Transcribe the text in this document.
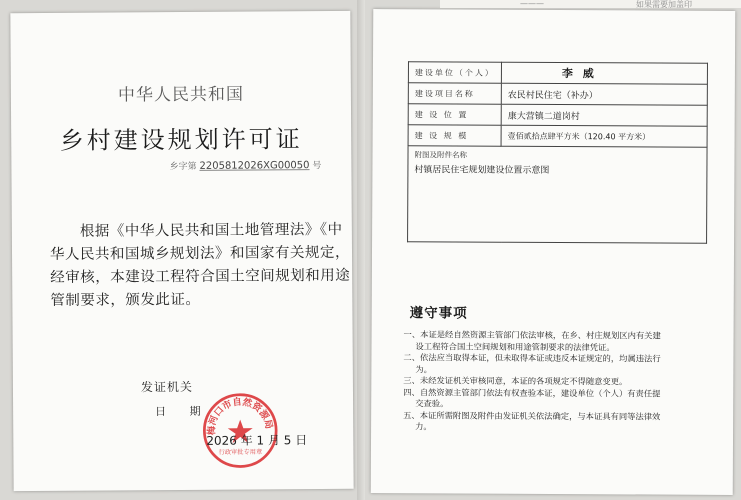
中华人民共和国
乡村建设规划许可证
乡字第 2205812026XG00050 号
根据《中华人民共和国土地管理法》《中
华人民共和国城乡规划法》和国家有关规定，
经审核，本建设工程符合国土空间规划和用途
管制要求，颁发此证。
发证机关
日 期
梅河口市自然资源局
行政审批专用章
2026 年 1 月 5 日
建设单位（个人）	李 威
建设项目名称	农民村民住宅（补办）
建 设 位 置	康大营镇二道岗村
建 设 规 模	壹佰贰拾点肆平方米（120.40 平方米）

附图及附件名称
村镇居民住宅规划建设位置示意图	
遵守事项
一、本证是经自然资源主管部门依法审核，在乡、村庄规划区内有关建
设工程符合国土空间规划和用途管制要求的法律凭证。
二、依法应当取得本证，但未取得本证或违反本证规定的，均属违法行
为。
三、未经发证机关审核同意，本证的各项规定不得随意变更。
四、自然资源主管部门依法有权查验本证，建设单位（个人）有责任提
交查验。
五、本证所需附图及附件由发证机关依法确定，与本证具有同等法律效
力。
———	如果需要加盖印
